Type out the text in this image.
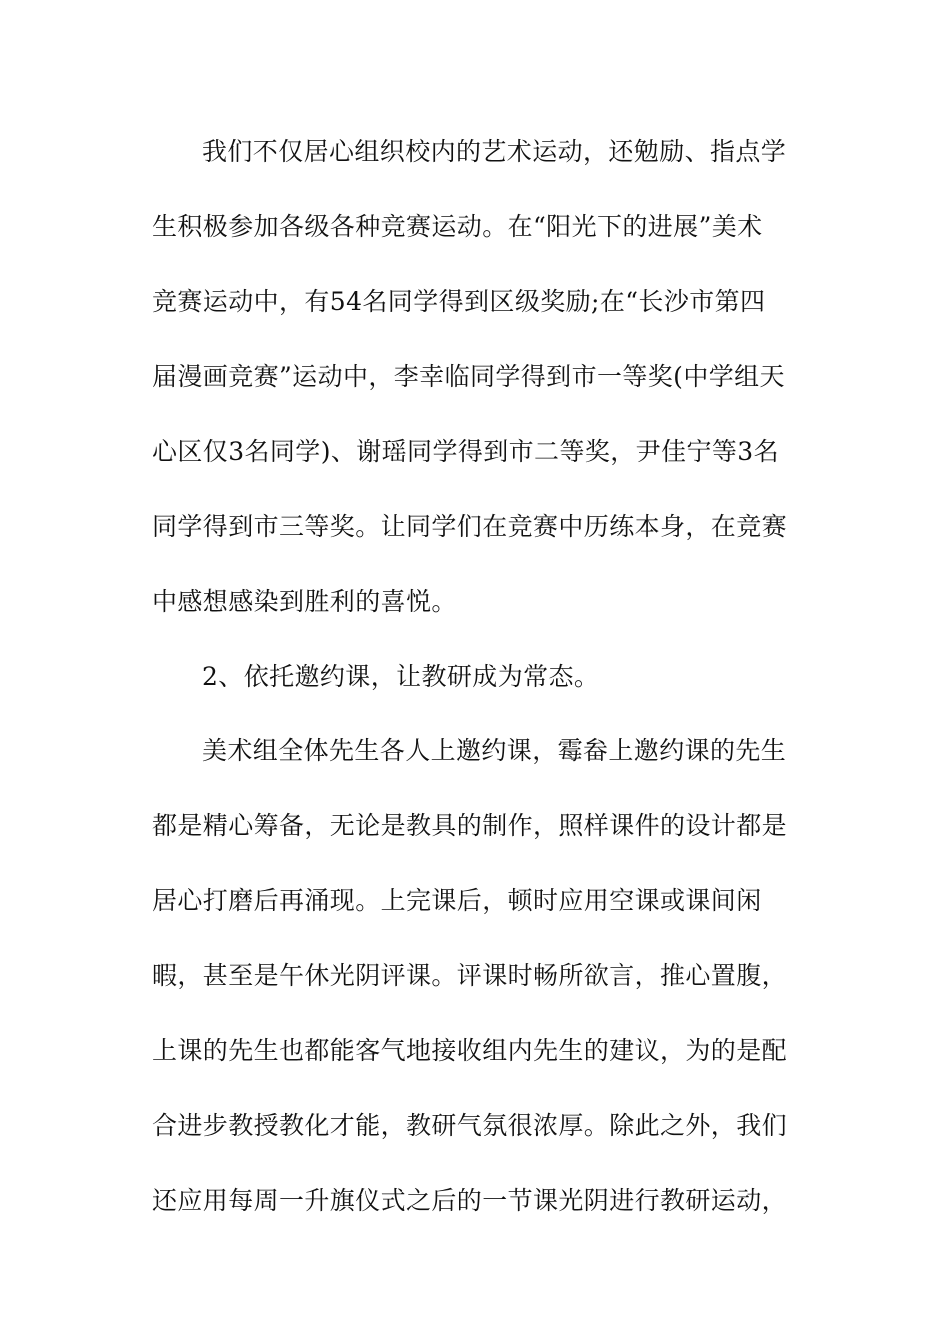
我们不仅居心组织校内的艺术运动，还勉励、指点学
生积极参加各级各种竞赛运动。在“阳光下的进展”美术
竞赛运动中，有54名同学得到区级奖励;在“长沙市第四
届漫画竞赛”运动中，李幸临同学得到市一等奖(中学组天
心区仅3名同学)、谢瑶同学得到市二等奖，尹佳宁等3名
同学得到市三等奖。让同学们在竞赛中历练本身，在竞赛
中感想感染到胜利的喜悦。
2、依托邀约课，让教研成为常态。
美术组全体先生各人上邀约课，霉畚上邀约课的先生
都是精心筹备，无论是教具的制作，照样课件的设计都是
居心打磨后再涌现。上完课后，顿时应用空课或课间闲
暇，甚至是午休光阴评课。评课时畅所欲言，推心置腹，
上课的先生也都能客气地接收组内先生的建议，为的是配
合进步教授教化才能，教研气氛很浓厚。除此之外，我们
还应用每周一升旗仪式之后的一节课光阴进行教研运动，
